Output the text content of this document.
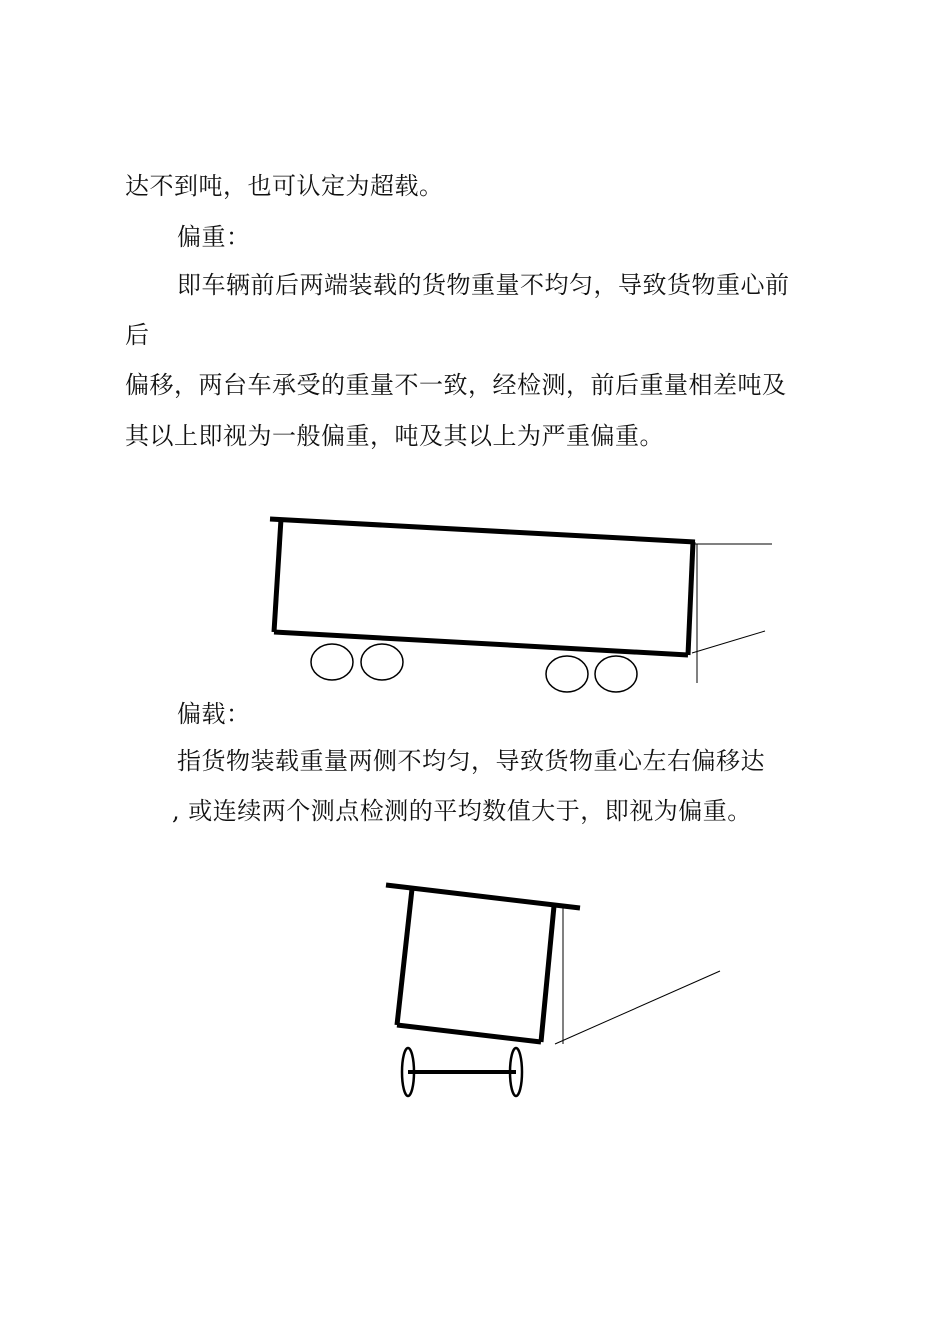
达不到吨，也可认定为超载。
偏重：
即车辆前后两端装载的货物重量不均匀，导致货物重心前
后
偏移，两台车承受的重量不一致，经检测，前后重量相差吨及
其以上即视为一般偏重，吨及其以上为严重偏重。
偏载：
指货物装载重量两侧不均匀，导致货物重心左右偏移达
, 或连续两个测点检测的平均数值大于，即视为偏重。
